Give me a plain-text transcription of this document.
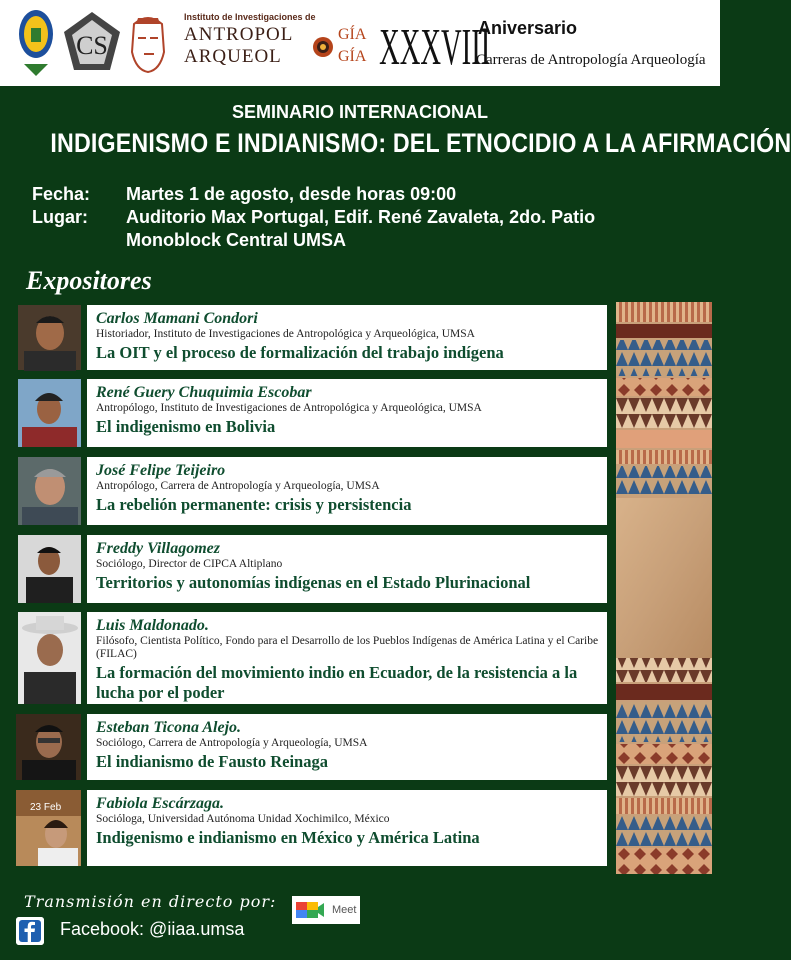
CS
Instituto de Investigaciones de
ANTROPOL
ARQUEOL
GÍA
GÍA XXXVIII
Aniversario
Carreras de Antropología Arqueología
SEMINARIO INTERNACIONAL
INDIGENISMO E INDIANISMO: DEL ETNOCIDIO A LA AFIRMACIÓN
Fecha: Martes 1 de agosto, desde horas 09:00
Lugar: Auditorio Max Portugal, Edif. René Zavaleta, 2do. Patio
Monoblock Central UMSA
Expositores
Carlos Mamani Condori
Historiador, Instituto de Investigaciones de Antropológica y Arqueológica, UMSA
La OIT y el proceso de formalización del trabajo indígena
René Guery Chuquimia Escobar
Antropólogo, Instituto de Investigaciones de Antropológica y Arqueológica, UMSA
El indigenismo en Bolivia
José Felipe Teijeiro
Antropólogo, Carrera de Antropología y Arqueología, UMSA
La rebelión permanente: crisis y persistencia
Freddy Villagomez
Sociólogo, Director de CIPCA Altiplano
Territorios y autonomías indígenas en el Estado Plurinacional
Luis Maldonado.
Filósofo, Cientista Político, Fondo para el Desarrollo de los Pueblos Indígenas de América Latina y el Caribe (FILAC)
La formación del movimiento indio en Ecuador, de la resistencia a la lucha por el poder
Esteban Ticona Alejo.
Sociólogo, Carrera de Antropología y Arqueología, UMSA
El indianismo de Fausto Reinaga
23 Feb Fabiola Escárzaga.
Socióloga, Universidad Autónoma Unidad Xochimilco, México
Indigenismo e indianismo en México y América Latina
Transmisión en directo por:	Meet
Facebook: @iiaa.umsa
